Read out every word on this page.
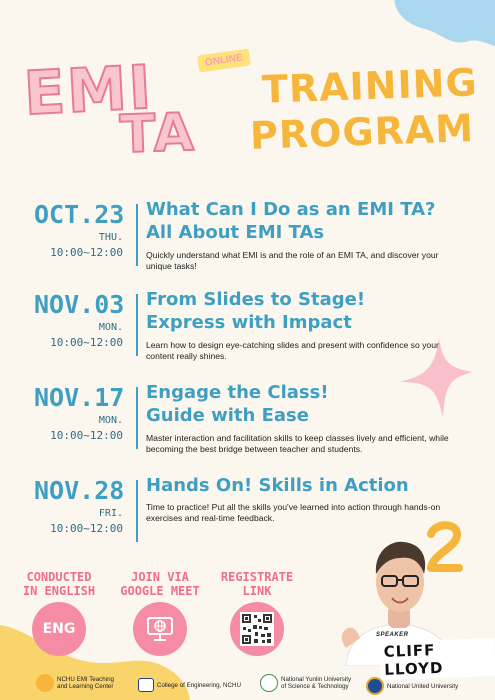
EMI
TA
ONLINE TRAINING
PROGRAM
OCT.23
THU.
10:00~12:00
What Can I Do as an EMI TA?
All About EMI TAs
Quickly understand what EMI is and the role of an EMI TA, and discover your unique tasks!
NOV.03
MON.
10:00~12:00
From Slides to Stage!
Express with Impact
Learn how to design eye-catching slides and present with confidence so your content really shines.
NOV.17
MON.
10:00~12:00
Engage the Class!
Guide with Ease
Master interaction and facilitation skills to keep classes lively and efficient, while becoming the best bridge between teacher and students.
NOV.28
FRI.
10:00~12:00
Hands On! Skills in Action
Time to practice! Put all the skills you've learned into action through hands-on exercises and real-time feedback.
CONDUCTED
IN ENGLISH
ENG
JOIN VIA
GOOGLE MEET
REGISTRATE
LINK
SPEAKER
CLIFF LLOYD
NCHU EMI Teaching
and Learning Center	College of Engineering, NCHU
National Yunlin University
of Science & Technology	National United University
